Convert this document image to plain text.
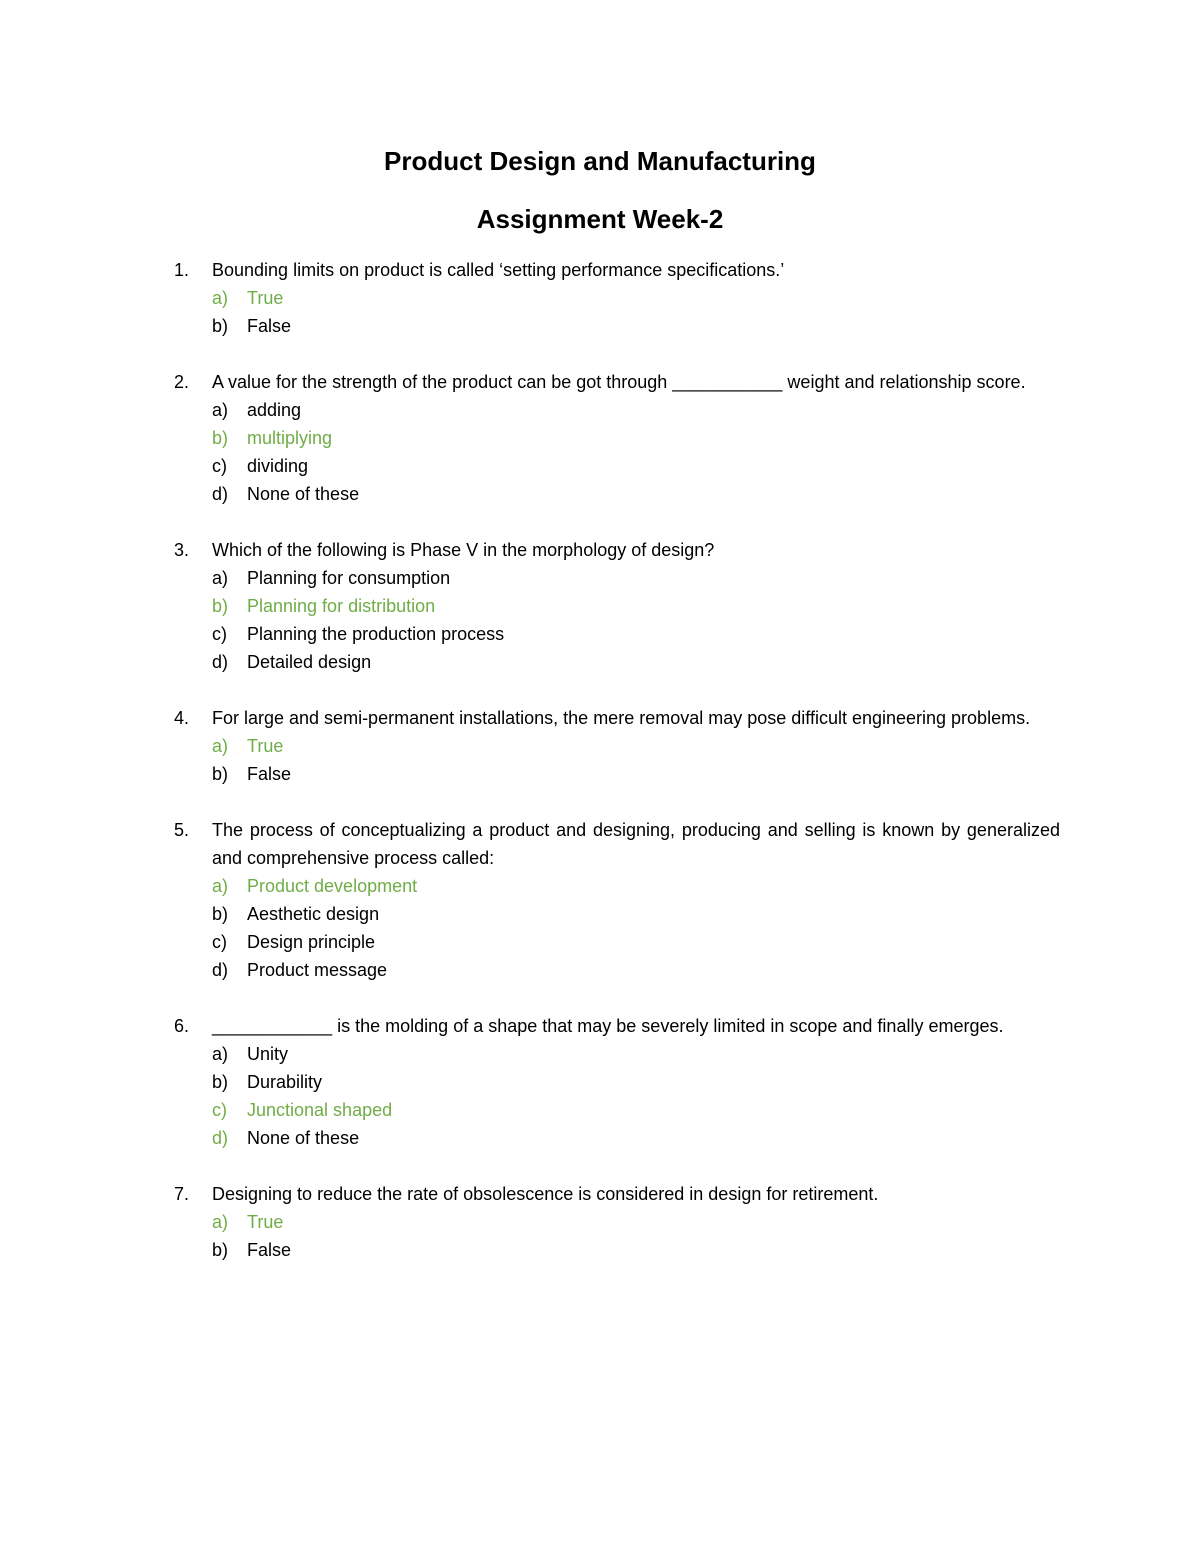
Product Design and Manufacturing
Assignment Week-2
1. Bounding limits on product is called ‘setting performance specifications.’
a) True
b) False
2. A value for the strength of the product can be got through ___________ weight and relationship score.
a) adding
b) multiplying
c) dividing
d) None of these
3. Which of the following is Phase V in the morphology of design?
a) Planning for consumption
b) Planning for distribution
c) Planning the production process
d) Detailed design
4. For large and semi-permanent installations, the mere removal may pose difficult engineering problems.
a) True
b) False
5. The process of conceptualizing a product and designing, producing and selling is known by generalized and comprehensive process called:
a) Product development
b) Aesthetic design
c) Design principle
d) Product message
6. ____________ is the molding of a shape that may be severely limited in scope and finally emerges.
a) Unity
b) Durability
c) Junctional shaped
d) None of these
7. Designing to reduce the rate of obsolescence is considered in design for retirement.
a) True
b) False
